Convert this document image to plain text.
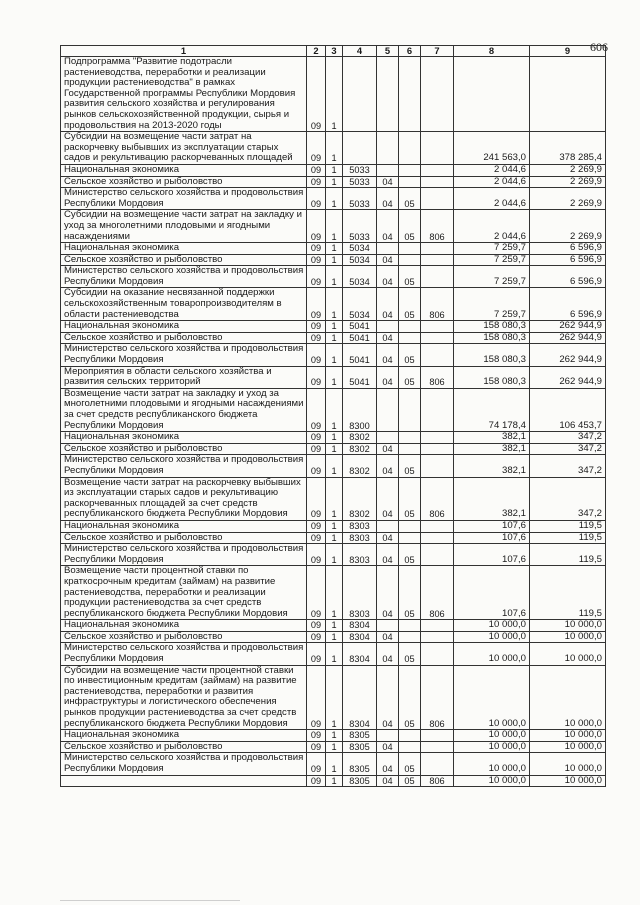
606
1	2	3	4	5	6	7	8	9
Подпрограмма "Развитие подотрасли растениеводства, переработки и реализации продукции растениеводства" в рамках Государственной программы Республики Мордовия развития сельского хозяйства и регулирования рынков сельскохозяйственной продукции, сырья и продовольствия на 2013-2020 годы	09	1						
Субсидии на возмещение части затрат на раскорчевку выбывших из эксплуатации старых садов и рекультивацию раскорчеванных площадей	09	1					241 563,0	378 285,4
Национальная экономика	09	1	5033				2 044,6	2 269,9
Сельское хозяйство и рыболовство	09	1	5033	04			2 044,6	2 269,9
Министерство сельского хозяйства и продовольствия Республики Мордовия	09	1	5033	04	05		2 044,6	2 269,9
Субсидии на возмещение части затрат на закладку и уход за многолетними плодовыми и ягодными насаждениями	09	1	5033	04	05	806	2 044,6	2 269,9
Национальная экономика	09	1	5034				7 259,7	6 596,9
Сельское хозяйство и рыболовство	09	1	5034	04			7 259,7	6 596,9
Министерство сельского хозяйства и продовольствия Республики Мордовия	09	1	5034	04	05		7 259,7	6 596,9
Субсидии на оказание несвязанной поддержки сельскохозяйственным товаропроизводителям в области растениеводства	09	1	5034	04	05	806	7 259,7	6 596,9
Национальная экономика	09	1	5041				158 080,3	262 944,9
Сельское хозяйство и рыболовство	09	1	5041	04			158 080,3	262 944,9
Министерство сельского хозяйства и продовольствия Республики Мордовия	09	1	5041	04	05		158 080,3	262 944,9
Мероприятия в области сельского хозяйства и развития сельских территорий	09	1	5041	04	05	806	158 080,3	262 944,9
Возмещение части затрат на закладку и уход за многолетними плодовыми и ягодными насаждениями за счет средств республиканского бюджета Республики Мордовия	09	1	8300				74 178,4	106 453,7
Национальная экономика	09	1	8302				382,1	347,2
Сельское хозяйство и рыболовство	09	1	8302	04			382,1	347,2
Министерство сельского хозяйства и продовольствия Республики Мордовия	09	1	8302	04	05		382,1	347,2
Возмещение части затрат на раскорчевку выбывших из эксплуатации старых садов и рекультивацию раскорчеванных площадей за счет средств республиканского бюджета Республики Мордовия	09	1	8302	04	05	806	382,1	347,2
Национальная экономика	09	1	8303				107,6	119,5
Сельское хозяйство и рыболовство	09	1	8303	04			107,6	119,5
Министерство сельского хозяйства и продовольствия Республики Мордовия	09	1	8303	04	05		107,6	119,5
Возмещение части процентной ставки по краткосрочным кредитам (займам) на развитие растениеводства, переработки и реализации продукции растениеводства за счет средств республиканского бюджета Республики Мордовия	09	1	8303	04	05	806	107,6	119,5
Национальная экономика	09	1	8304				10 000,0	10 000,0
Сельское хозяйство и рыболовство	09	1	8304	04			10 000,0	10 000,0
Министерство сельского хозяйства и продовольствия Республики Мордовия	09	1	8304	04	05		10 000,0	10 000,0
Субсидии на возмещение части процентной ставки по инвестиционным кредитам (займам) на развитие растениеводства, переработки и развития инфраструктуры и логистического обеспечения рынков продукции растениеводства за счет средств республиканского бюджета Республики Мордовия	09	1	8304	04	05	806	10 000,0	10 000,0
Национальная экономика	09	1	8305				10 000,0	10 000,0
Сельское хозяйство и рыболовство	09	1	8305	04			10 000,0	10 000,0
Министерство сельского хозяйства и продовольствия Республики Мордовия	09	1	8305	04	05		10 000,0	10 000,0
	09	1	8305	04	05	806	10 000,0	10 000,0
